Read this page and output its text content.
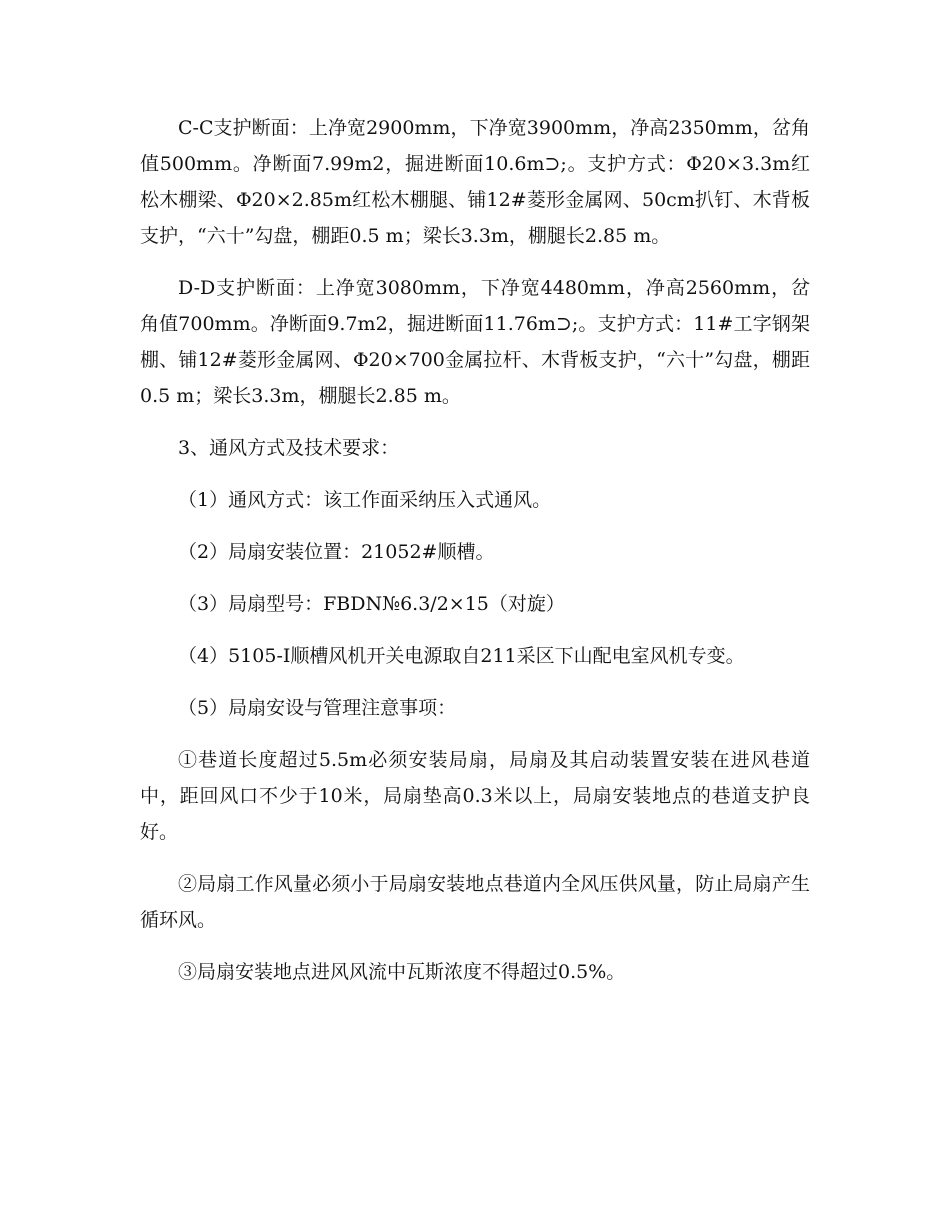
C-C支护断面：上净宽2900mm，下净宽3900mm，净高2350mm，岔角值500mm。净断面7.99m2，掘进断面10.6m⊃;。支护方式：Φ20×3.3m红松木棚梁、Φ20×2.85m红松木棚腿、铺12#菱形金属网、50cm扒钉、木背板支护，“六十”勾盘，棚距0.5 m；梁长3.3m，棚腿长2.85 m。

D-D支护断面：上净宽3080mm，下净宽4480mm，净高2560mm，岔角值700mm。净断面9.7m2，掘进断面11.76m⊃;。支护方式：11#工字钢架棚、铺12#菱形金属网、Φ20×700金属拉杆、木背板支护，“六十”勾盘，棚距0.5 m；梁长3.3m，棚腿长2.85 m。

3、通风方式及技术要求：

（1）通风方式：该工作面采纳压入式通风。

（2）局扇安装位置：21052#顺槽。

（3）局扇型号：FBDN№6.3/2×15（对旋）

（4）5105-Ⅰ顺槽风机开关电源取自211采区下山配电室风机专变。

（5）局扇安设与管理注意事项：

①巷道长度超过5.5m必须安装局扇，局扇及其启动装置安装在进风巷道中，距回风口不少于10米，局扇垫高0.3米以上，局扇安装地点的巷道支护良好。

②局扇工作风量必须小于局扇安装地点巷道内全风压供风量，防止局扇产生循环风。

③局扇安装地点进风风流中瓦斯浓度不得超过0.5%。
